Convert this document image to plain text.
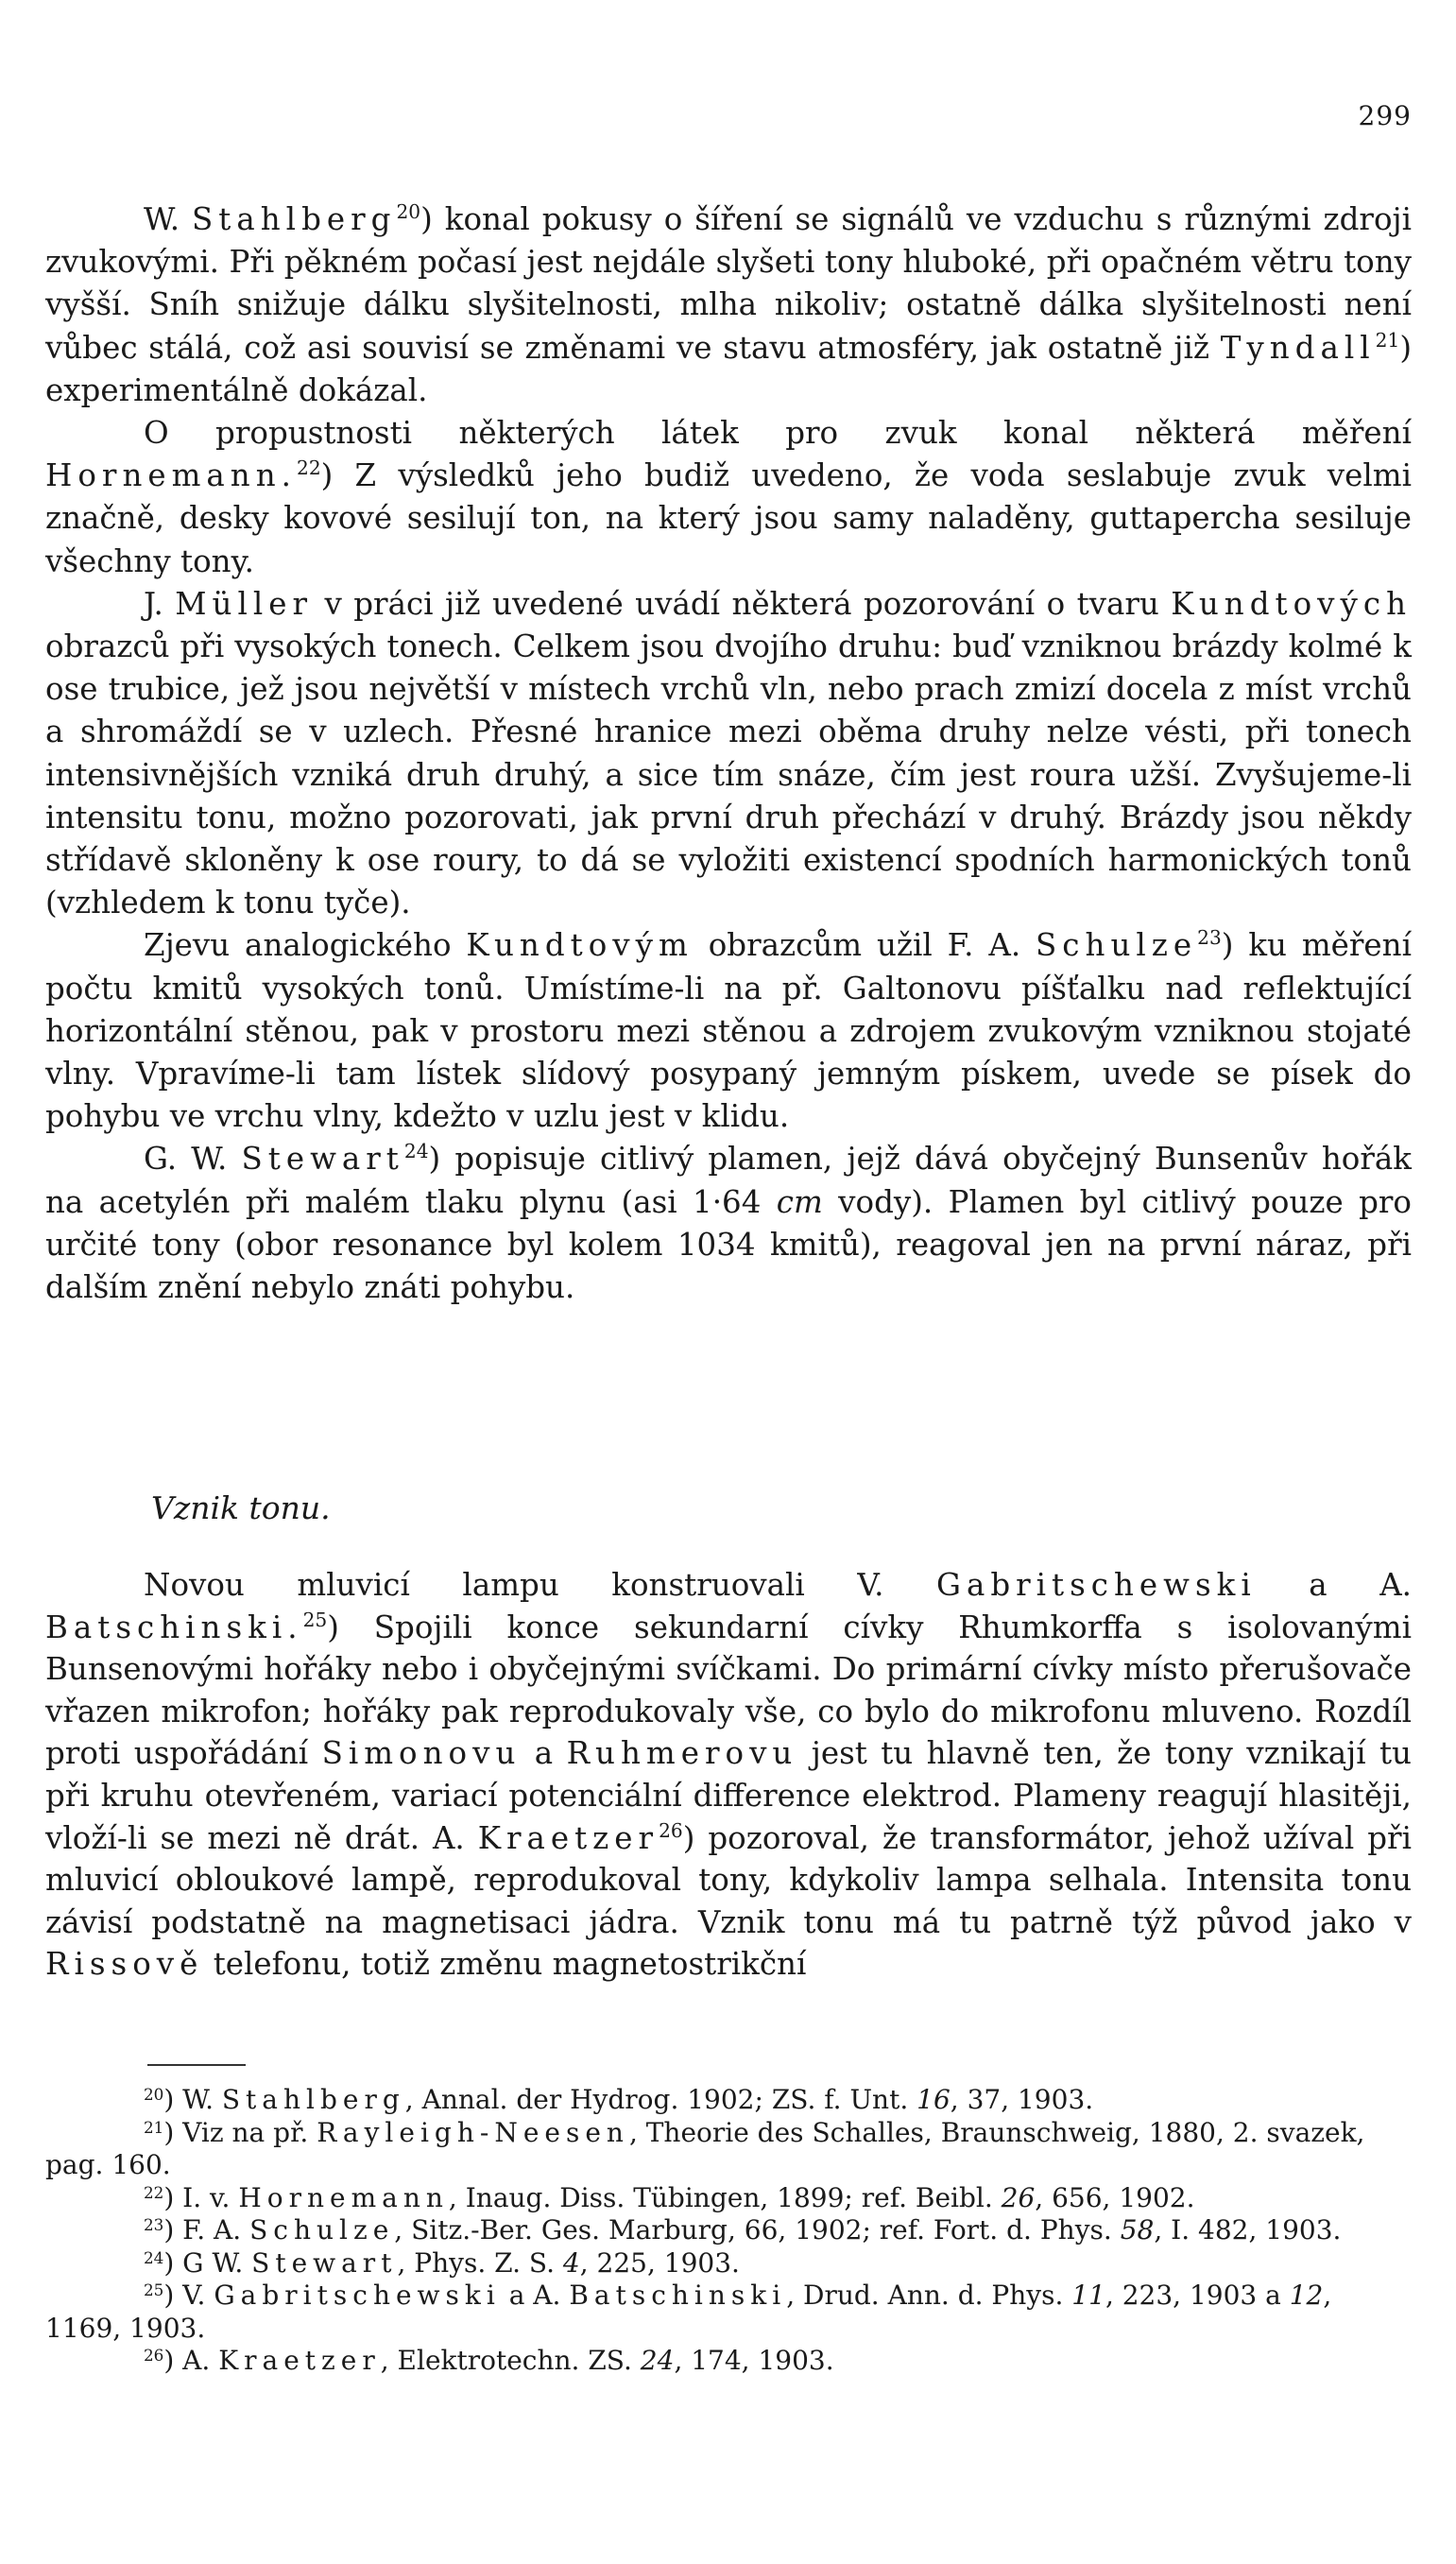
299

W. Stahlberg$^{20}$) konal pokusy o šíření se signálů ve vzduchu s různými zdroji zvukovými. Při pěkném počasí jest nejdále slyšeti tony hluboké, při opačném větru tony vyšší. Sníh snižuje dálku slyšitelnosti, mlha nikoliv; ostatně dálka slyšitelnosti není vůbec stálá, což asi souvisí se změnami ve stavu atmosféry, jak ostatně již Tyndall$^{21}$) experimentálně dokázal.

O propustnosti některých látek pro zvuk konal některá měření Hornemann.$^{22}$) Z výsledků jeho budiž uvedeno, že voda seslabuje zvuk velmi značně, desky kovové sesilují ton, na který jsou samy naladěny, guttapercha sesiluje všechny tony.

J. Müller v práci již uvedené uvádí některá pozorování o tvaru Kundtových obrazců při vysokých tonech. Celkem jsou dvojího druhu: buď vzniknou brázdy kolmé k ose trubice, jež jsou největší v místech vrchů vln, nebo prach zmizí docela z míst vrchů a shromáždí se v uzlech. Přesné hranice mezi oběma druhy nelze vésti, při tonech intensivnějších vzniká druh druhý, a sice tím snáze, čím jest roura užší. Zvyšujeme-li intensitu tonu, možno pozorovati, jak první druh přechází v druhý. Brázdy jsou někdy střídavě skloněny k ose roury, to dá se vyložiti existencí spodních harmonických tonů (vzhledem k tonu tyče).

Zjevu analogického Kundtovým obrazcům užil F. A. Schulze$^{23}$) ku měření počtu kmitů vysokých tonů. Umístíme-li na př. Galtonovu píšťalku nad reflektující horizontální stěnou, pak v prostoru mezi stěnou a zdrojem zvukovým vzniknou stojaté vlny. Vpravíme-li tam lístek slídový posypaný jemným pískem, uvede se písek do pohybu ve vrchu vlny, kdežto v uzlu jest v klidu.

G. W. Stewart$^{24}$) popisuje citlivý plamen, jejž dává obyčejný Bunsenův hořák na acetylén při malém tlaku plynu (asi 1·64 cm vody). Plamen byl citlivý pouze pro určité tony (obor resonance byl kolem 1034 kmitů), reagoval jen na první náraz, při dalším znění nebylo znáti pohybu.

Vznik tonu.

Novou mluvicí lampu konstruovali V. Gabritschewski a A. Batschinski.$^{25}$) Spojili konce sekundarní cívky Rhumkorffa s isolovanými Bunsenovými hořáky nebo i obyčejnými svíčkami. Do primární cívky místo přerušovače vřazen mikrofon; hořáky pak reprodukovaly vše, co bylo do mikrofonu mluveno. Rozdíl proti uspořádání Simonovu a Ruhmerovu jest tu hlavně ten, že tony vznikají tu při kruhu otevřeném, variací potenciální difference elektrod. Plameny reagují hlasitěji, vloží-li se mezi ně drát. A. Kraetzer$^{26}$) pozoroval, že transformátor, jehož užíval při mluvicí obloukové lampě, reprodukoval tony, kdykoliv lampa selhala. Intensita tonu závisí podstatně na magnetisaci jádra. Vznik tonu má tu patrně týž původ jako v Rissově telefonu, totiž změnu magnetostrikční

$^{20}$) W. Stahlberg, Annal. der Hydrog. 1902; ZS. f. Unt. 16, 37, 1903.

$^{21}$) Viz na př. Rayleigh-Neesen, Theorie des Schalles, Braunschweig, 1880, 2. svazek, pag. 160.

$^{22}$) I. v. Hornemann, Inaug. Diss. Tübingen, 1899; ref. Beibl. 26, 656, 1902.

$^{23}$) F. A. Schulze, Sitz.-Ber. Ges. Marburg, 66, 1902; ref. Fort. d. Phys. 58, I. 482, 1903.

$^{24}$) G W. Stewart, Phys. Z. S. 4, 225, 1903.

$^{25}$) V. Gabritschewski a A. Batschinski, Drud. Ann. d. Phys. 11, 223, 1903 a 12, 1169, 1903.

$^{26}$) A. Kraetzer, Elektrotechn. ZS. 24, 174, 1903.
